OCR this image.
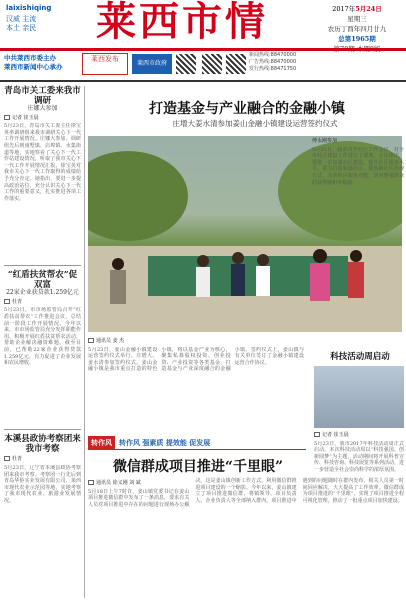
laixishiqing
汉威 主流
本土 亲民	莱西市情	2017年5月24日
星期三
农历丁酉年四月廿九
总第1965期
中共莱西市委主办
莱西市新闻中心承办
莱西发布
莱西市政府
新闻热线:88470000
广告热线:88470000
发行热线:88471750
青岛市关工委来我市调研
庄娜大参加
记者 崔玉晨
5月23日，青岛市关工委主任徐宝英率调研组来我市调研关心下一代工作开展情况。庄娜大参加。调研组先后到南墅镇、店埠镇、水集街道等地，实地察看了关心下一代工作站建设情况，听取了我市关心下一代工作开展情况汇报。徐宝英对我市关心下一代工作取得的成绩给予充分肯定。她指出，要进一步提高政治站位，充分认识关心下一代工作的重要意义，扎实推进各项工作落实。
“红盾扶贫帮农”促双富
22家企业获贷款1.259亿元
杜青
5月23日，市市场监管局召开“红盾扶贫帮农”工作推进会议，总结前一阶段工作开展情况。今年以来，市市场监管局充分发挥职能作用，积极开展红盾扶贫帮农活动，帮助企业解决融资难题。截至目前，已帮助22家企业获得贷款1.259亿元，有力促进了企业发展和农民增收。
本溪县政协考察团来我市考察
杜青
5月23日，辽宁省本溪县政协考察团来我市考察。考察团一行先后到青岛华侨实业发展有限公司、莱西市现代农业示范园等地，实地考察了我市现代农业、旅游业发展情况。
打造基金与产业融合的金融小镇
庄增大姜水清参加姜山金融小镇建设运营签约仪式
通讯员 姜 杰
5月23日，姜山金融小镇建设运营签约仪式举行。庄增大、姜水清参加签约仪式。姜山金融小镇是我市重点打造的特色小镇，将以基金产业为核心，聚集私募股权投资、创业投资、产业投资等各类基金，打造基金与产业深度融合的金融小镇。签约仪式上，姜山镇与有关单位签订了金融小镇建设运营合作协议。
傅永刚参加
5月23日，我市召开社区工作会议，对全市社区建设工作进行了部署。会议指出，要进一步加强社区建设，提升社区服务水平，着力打造和谐社区。要创新社区治理方式，完善社区服务功能，切实增强群众的获得感和幸福感。
科技活动周启动
记者 崔玉晨
5月23日，我市2017年科技活动周正式启动。本次科技活动周以“科技强国、创新圆梦”为主题，活动期间将开展科普宣传、科技咨询、科技展览等系列活动，进一步营造全社会崇尚科学的浓厚氛围。
转作风 转作风 强素质 提效能 促发展
微信群成项目推进“千里眼”
通讯员 徐义刚 刘 斌
5月18日上午7时许，姜山镇党委书记在姜山项目推进微信群中发布了一条消息，要求有关人员对项目推进中存在的问题进行现场办公解决。这是姜山镇创新工作方式，利用微信群推进项目建设的一个缩影。今年以来，姜山镇建立了项目推进微信群，将镇领导、项目负责人、企业负责人等全部纳入群内，项目推进中遇到的问题随时在群内发布，相关人员第一时间回应解决，大大提高了工作效率。微信群成为项目推进的“千里眼”，实现了项目推进全程可视化管理，推动了一批重点项目加快建设。
